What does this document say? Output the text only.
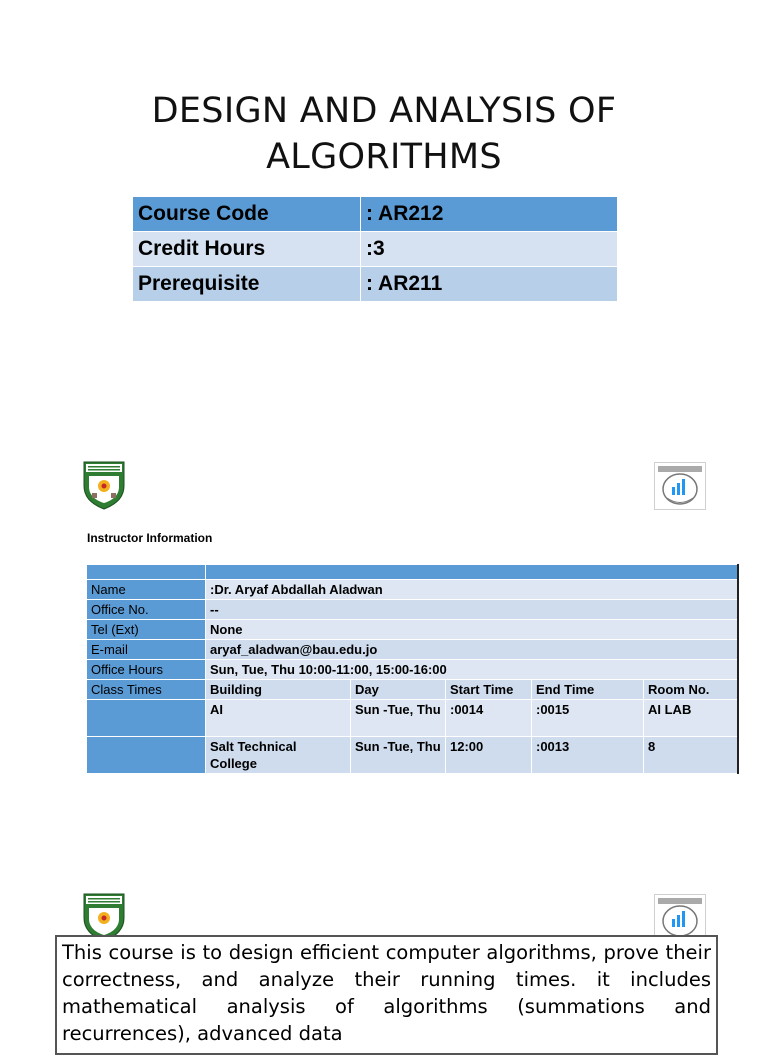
DESIGN AND ANALYSIS OF
ALGORITHMS
Course Code	: AR212
Credit Hours	:3
Prerequisite	: AR211
Instructor Information

Name	:Dr. Aryaf Abdallah Aladwan				
Office No.	--				
Tel (Ext)	None				
E-mail	aryaf_aladwan@bau.edu.jo				
Office Hours	Sun, Tue, Thu 10:00-11:00, 15:00-16:00				
Class Times	Building	Day	Start Time	End Time	Room No.
	AI	Sun -Tue, Thu	:0014	:0015	AI LAB
	Salt Technical College	Sun -Tue, Thu	12:00	:0013	8
This course is to design efficient computer algorithms, prove their correctness, and analyze their running times. it includes mathematical analysis of algorithms (summations and recurrences), advanced data
